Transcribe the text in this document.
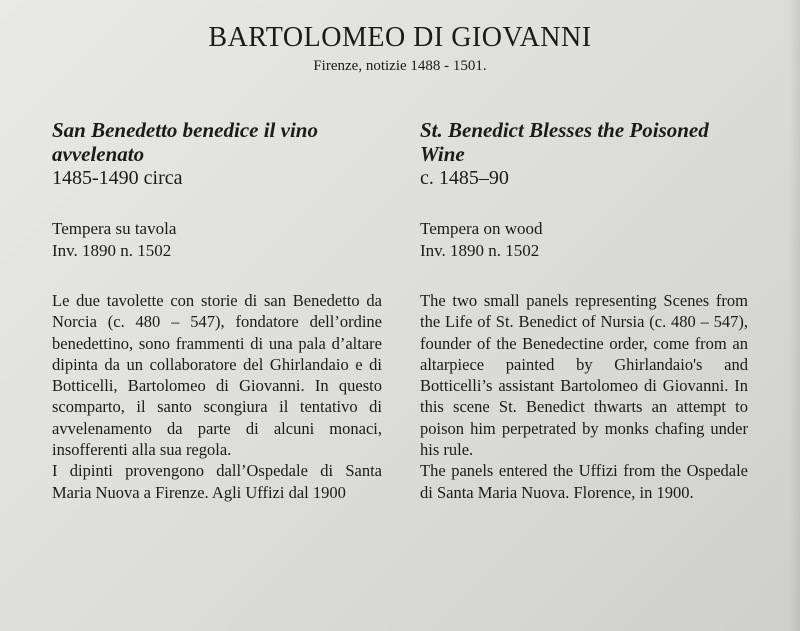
BARTOLOMEO DI GIOVANNI
Firenze, notizie 1488 - 1501.
San Benedetto benedice il vino avvelenato
1485-1490 circa
Tempera su tavola
Inv. 1890 n. 1502

Le due tavolette con storie di san Benedetto da Norcia (c. 480 – 547), fondatore dell’ordine benedettino, sono frammenti di una pala d’altare dipinta da un collaboratore del Ghirlandaio e di Botticelli, Bartolomeo di Giovanni. In questo scomparto, il santo scongiura il tentativo di avvelenamento da parte di alcuni monaci, insofferenti alla sua regola.

I dipinti provengono dall’Ospedale di Santa Maria Nuova a Firenze. Agli Uffizi dal 1900

St. Benedict Blesses the Poisoned Wine
c. 1485–90
Tempera on wood
Inv. 1890 n. 1502

The two small panels representing Scenes from the Life of St. Benedict of Nursia (c. 480 – 547), founder of the Benedectine order, come from an altarpiece painted by Ghirlandaio's and Botticelli’s assistant Bartolomeo di Giovanni. In this scene St. Benedict thwarts an attempt to poison him perpetrated by monks chafing under his rule.

The panels entered the Uffizi from the Ospedale di Santa Maria Nuova. Florence, in 1900.
